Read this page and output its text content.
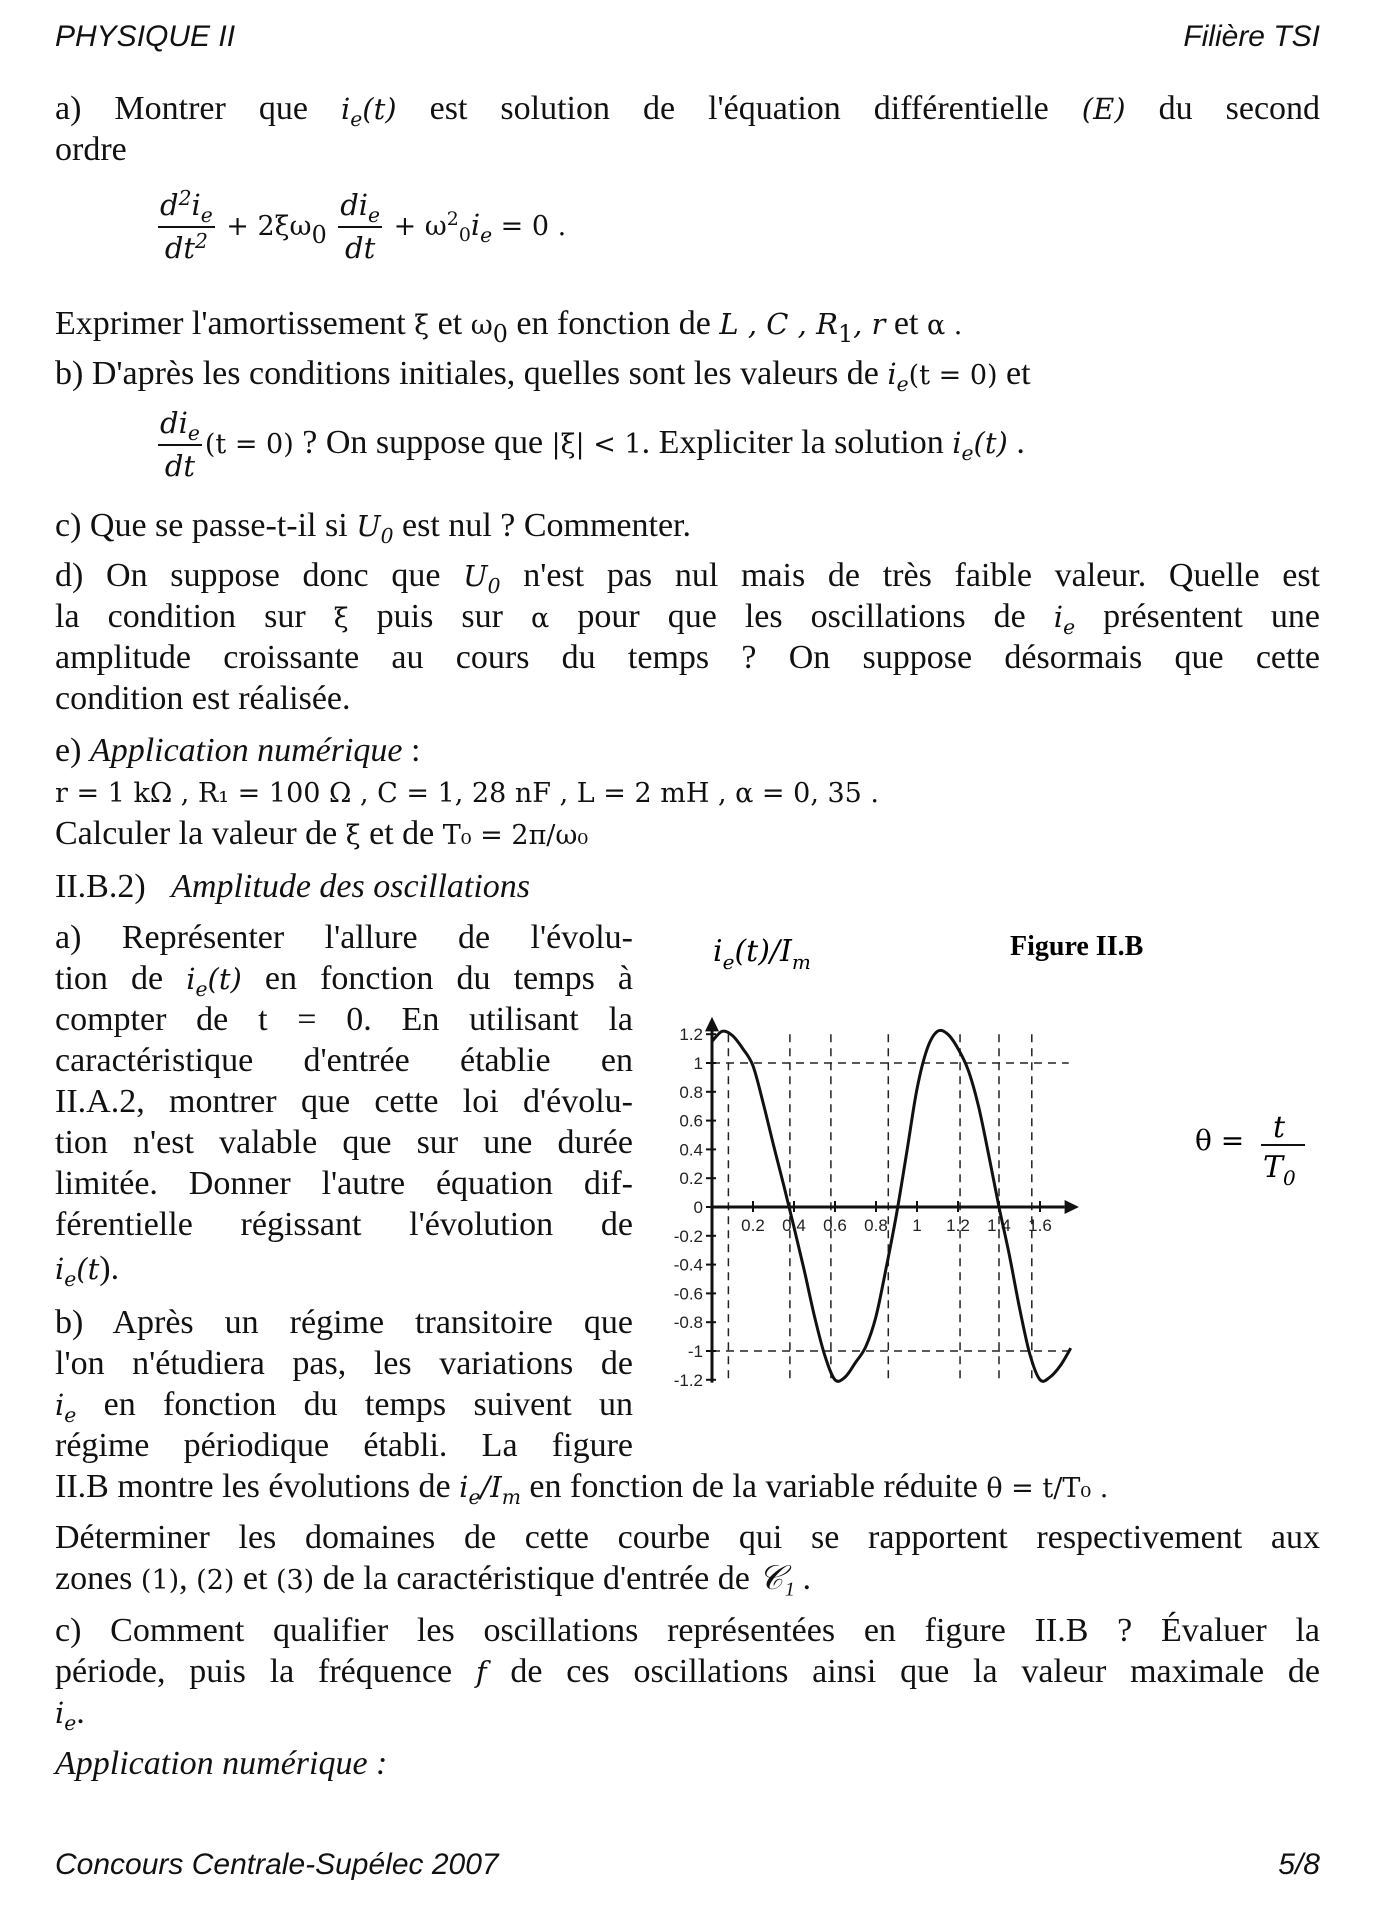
PHYSIQUE II	Filière TSI
a) Montrer que $i_e(t)$ est solution de l'équation différentielle (E) du second
ordre
$\frac{d^2i_e}{dt^2} + 2\xi\omega_0 \frac{di_e}{dt} + \omega^2_0i_e = 0$ .
Exprimer l'amortissement ξ et $\omega_0$ en fonction de L , C , $R_1$, r et α .
b) D'après les conditions initiales, quelles sont les valeurs de $i_e(t = 0)$ et
$\frac{di_e}{dt} (t = 0)$ ? On suppose que |ξ| < 1. Expliciter la solution $i_e(t)$ .
c) Que se passe-t-il si $U_0$ est nul ? Commenter.
d) On suppose donc que $U_0$ n'est pas nul mais de très faible valeur. Quelle est
la condition sur ξ puis sur α pour que les oscillations de $i_e$ présentent une
amplitude croissante au cours du temps ? On suppose désormais que cette
condition est réalisée.
e) Application numérique :
r = 1 kΩ , R₁ = 100 Ω , C = 1, 28 nF , L = 2 mH , α = 0, 35 .
Calculer la valeur de ξ et de T₀ = 2π/ω₀
II.B.2) Amplitude des oscillations
a) Représenter l'allure de l'évolu-
tion de $i_e(t)$ en fonction du temps à
compter de t = 0. En utilisant la
caractéristique d'entrée établie en
II.A.2, montrer que cette loi d'évolu-
tion n'est valable que sur une durée
limitée. Donner l'autre équation dif-
férentielle régissant l'évolution de
$i_e(t)$.
b) Après un régime transitoire que
l'on n'étudiera pas, les variations de
$i_e$ en fonction du temps suivent un
régime périodique établi. La figure
Figure II.B
$i_e(t)/I_m$
1.2
1
0.8
0.6
0.4
0.2
0
-0.2
-0.4
-0.6
-0.8
-1
-1.2
0.2 0.4 0.6 0.8 1 1.2 1.4 1.6
θ = t
$T_0$
II.B montre les évolutions de $i_e/I_m$ en fonction de la variable réduite θ = t/T₀ .
Déterminer les domaines de cette courbe qui se rapportent respectivement aux
zones (1), (2) et (3) de la caractéristique d'entrée de 𝒞₁ .
c) Comment qualifier les oscillations représentées en figure II.B ? Évaluer la
période, puis la fréquence f de ces oscillations ainsi que la valeur maximale de
$i_e$.
Application numérique :
Concours Centrale-Supélec 2007	5/8
